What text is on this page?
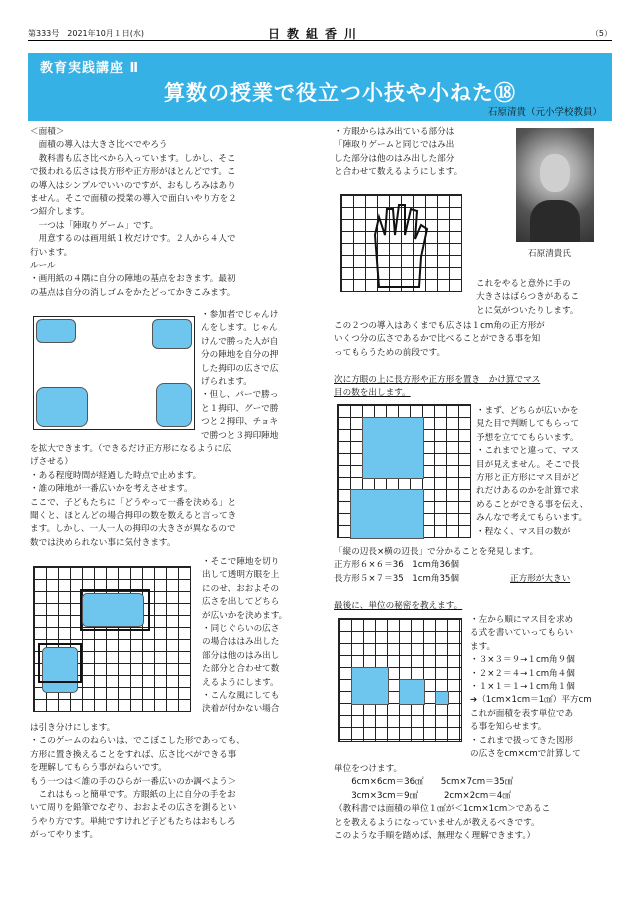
第333号　2021年10月１日(水)	日教組香川	（5）
教育実践講座 Ⅱ
算数の授業で役立つ小技や小ねた⑱
石原清貴（元小学校教員）
＜面積＞
　面積の導入は大きさ比べでやろう
　教科書も広さ比べから入っています。しかし、そこ
で扱われる広さは長方形や正方形がほとんどです。こ
の導入はシンプルでいいのですが、おもしろみはあり
ません。そこで面積の授業の導入で面白いやり方を２
つ紹介します。
　一つは「陣取りゲーム」です。
　用意するのは画用紙１枚だけです。２人から４人で
行います。
ルール
・画用紙の４隅に自分の陣地の基点をおきます。最初
の基点は自分の消しゴムをかたどってかきこみます。
・参加者でじゃんけ
んをします。じゃん
けんで勝った人が自
分の陣地を自分の押
した拇印の広さで広
げられます。
・但し、パーで勝っ
と１拇印、グーで勝
つと２拇印、チョキ
で勝つと３拇印陣地
を拡大できます。（できるだけ正方形になるように広
げさせる）
・ある程度時間が経過した時点で止めます。
・誰の陣地が一番広いかを考えさせます。
ここで、子どもたちに「どうやって一番を決める」と
聞くと、ほとんどの場合拇印の数を数えると言ってき
ます。しかし、一人一人の拇印の大きさが異なるので
数では決められない事に気付きます。
・そこで陣地を切り
出して透明方眼を上
にのせ、おおよその
広さを出してどちら
が広いかを決めます。
・同じぐらいの広さ
の場合ははみ出した
部分は他のはみ出し
た部分と合わせて数
えるようにします。
・こんな風にしても
決着が付かない場合
は引き分けにします。
・このゲームのねらいは、でこぼこした形であっても、
方形に置き換えることをすれば、広さ比べができる事
を理解してもらう事がねらいです。
もう一つは＜誰の手のひらが一番広いのか調べよう＞
　これはもっと簡単です。方眼紙の上に自分の手をお
いて周りを鉛筆でなぞり、おおよその広さを測るとい
うやり方です。単純ですけれど子どもたちはおもしろ
がってやります。
・方眼からはみ出ている部分は
「陣取りゲームと同じではみ出
した部分は他のはみ出した部分
と合わせて数えるようにします。
石原清貴氏
これをやると意外に手の
大きさはばらつきがあるこ
とに気がついたりします。
この２つの導入はあくまでも広さは１cm角の正方形が
いくつ分の広さであるかで比べることができる事を知
ってもらうための前段です。
次に方眼の上に長方形や正方形を置き　かけ算でマス
目の数を出します。
・まず、どちらが広いかを
見た目で判断してもらって
予想を立ててもらいます。
・これまでと違って、マス
目が見えません。そこで長
方形と正方形にマス目がど
れだけあるのかを計算で求
めることができる事を伝え、
みんなで考えてもらいます。
・程なく、マス目の数が
「縦の辺長×横の辺長」で分かることを発見します。
正方形６×６＝36　1cm角36個
長方形５×７＝35　1cm角35個	正方形が大きい
最後に、単位の秘密を教えます。
・左から順にマス目を求め
る式を書いていってもらい
ます。
・３×３＝９→１cm角９個
・２×２＝４→１cm角４個
・１×１＝１→１cm角１個
➔（1cm×1cm＝1㎠）平方cm
これが面積を表す単位であ
る事を知らせます。
・これまで扱ってきた図形
の広さをcm×cmで計算して
単位をつけます。
　　6cm×6cm＝36㎠　　5cm×7cm＝35㎠
　　3cm×3cm＝9㎠　　　2cm×2cm＝4㎠
（教科書では面積の単位１㎠が＜1cm×1cm＞であるこ
とを教えるようになっていませんが教えるべきです。
このような手順を踏めば、無理なく理解できます。）
